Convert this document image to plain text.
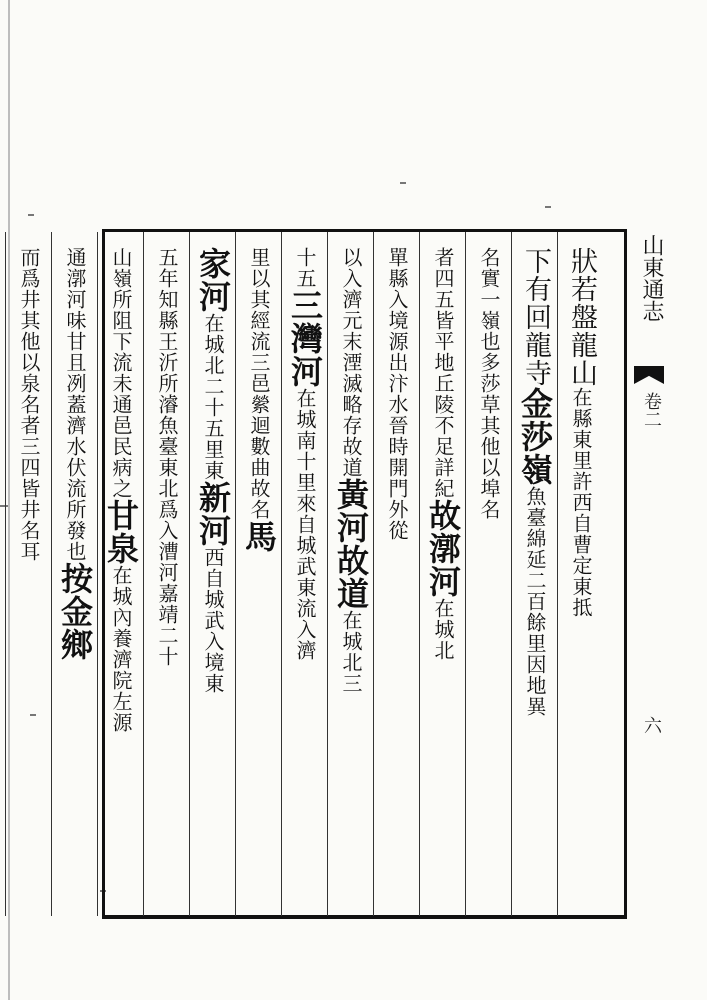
山東通志
卷二
六
狀若盤龍山在縣東里許西自曹定東抵
下有回龍寺金莎嶺魚臺綿延二百餘里因地異
名實一嶺也多莎草其他以埠名
者四五皆平地丘陵不足詳紀故漷河在城北
單縣入境源出汴水晉時開門外從
以入濟元末湮滅略存故道黃河故道在城北三
十五三灣河在城南十里來自城武東流入濟
里以其經流三邑縈迴數曲故名馬
家河在城北二十五里東新河西自城武入境東
五年知縣王沂所濬魚臺東北爲入漕河嘉靖二十
山嶺所阻下流未通邑民病之甘泉在城內養濟院左源
通漷河味甘且冽蓋濟水伏流所發也按金鄉
而爲井其他以泉名者三四皆井名耳
